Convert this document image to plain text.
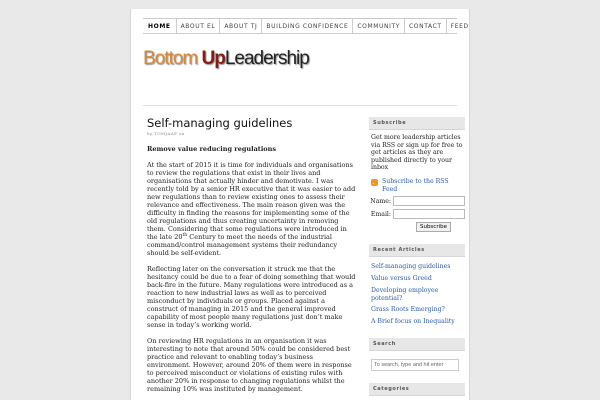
HOME	ABOUT EL	ABOUT TJ	BUILDING CONFIDENCE	COMMUNITY	CONTACT	FEED
Bottom UpLeadership
Self-managing guidelines
by TOMJAAP on

Remove value reducing regulations

At the start of 2015 it is time for individuals and organisations to review the regulations that exist in their lives and organisations that actually hinder and demotivate. I was recently told by a senior HR executive that it was easier to add new regulations than to review existing ones to assess their relevance and effectiveness. The main reason given was the difficulty in finding the reasons for implementing some of the old regulations and thus creating uncertainty in removing them. Considering that some regulations were introduced in the late 20th Century to meet the needs of the industrial command/control management systems their redundancy should be self-evident.

Reflecting later on the conversation it struck me that the hesitancy could be due to a fear of doing something that would back-fire in the future. Many regulations were introduced as a reaction to new industrial laws as well as to perceived misconduct by individuals or groups. Placed against a construct of managing in 2015 and the general improved capability of most people many regulations just don’t make sense in today’s working world.

On reviewing HR regulations in an organisation it was interesting to note that around 50% could be considered best practice and relevant to enabling today’s business environment. However, around 20% of them were in response to perceived misconduct or violations of existing rules with another 20% in response to changing regulations whilst the remaining 10% was instituted by management.

Subscribe

Get more leadership articles via RSS or sign up for free to get articles as they are published directly to your inbox

Subscribe to the RSS Feed
Name:
Email:
Subscribe
Recent Articles
Self-managing guidelines
Value versus Greed
Developing employee potential?
Grass Roots Emerging?
A Brief focus on Inequality
Search
To search, type and hit enter
Categories
